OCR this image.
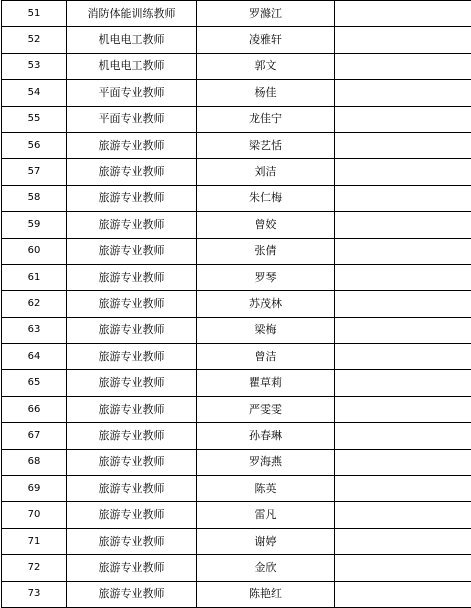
51	消防体能训练教师	罗滌江	
52	机电电工教师	凌雅轩	
53	机电电工教师	郭文	
54	平面专业教师	杨佳	
55	平面专业教师	龙佳宁	
56	旅游专业教师	梁艺恬	
57	旅游专业教师	刘洁	
58	旅游专业教师	朱仁梅	
59	旅游专业教师	曾姣	
60	旅游专业教师	张倩	
61	旅游专业教师	罗琴	
62	旅游专业教师	苏茂林	
63	旅游专业教师	梁梅	
64	旅游专业教师	曾洁	
65	旅游专业教师	瞿草莉	
66	旅游专业教师	严雯雯	
67	旅游专业教师	孙春琳	
68	旅游专业教师	罗海燕	
69	旅游专业教师	陈英	
70	旅游专业教师	雷凡	
71	旅游专业教师	谢婷	
72	旅游专业教师	金欣	
73	旅游专业教师	陈艳红	
